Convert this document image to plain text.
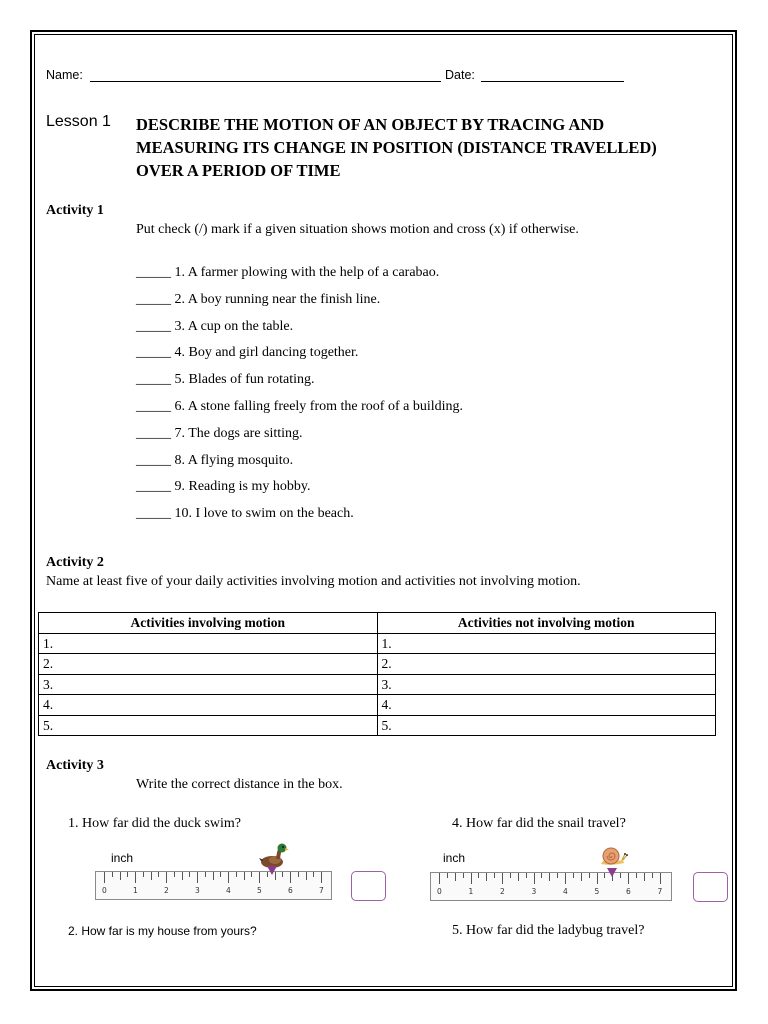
Name:	Date:
Lesson 1 DESCRIBE THE MOTION OF AN OBJECT BY TRACING AND
MEASURING ITS CHANGE IN POSITION (DISTANCE TRAVELLED)
OVER A PERIOD OF TIME
Activity 1
Put check (/) mark if a given situation shows motion and cross (x) if otherwise.
_____ 1. A farmer plowing with the help of a carabao.
_____ 2. A boy running near the finish line.
_____ 3. A cup on the table.
_____ 4. Boy and girl dancing together.
_____ 5. Blades of fun rotating.
_____ 6. A stone falling freely from the roof of a building.
_____ 7. The dogs are sitting.
_____ 8. A flying mosquito.
_____ 9. Reading is my hobby.
_____ 10. I love to swim on the beach.
Activity 2
Name at least five of your daily activities involving motion and activities not involving motion.
Activities involving motion	Activities not involving motion
1.	1.
2.	2.
3.	3.
4.	4.
5.	5.
Activity 3
Write the correct distance in the box.
1. How far did the duck swim?	4. How far did the snail travel?
inch
0	1	2	3	4	5	6	7
inch
0	1	2	3	4	5	6	7
2. How far is my house from yours?	5. How far did the ladybug travel?
